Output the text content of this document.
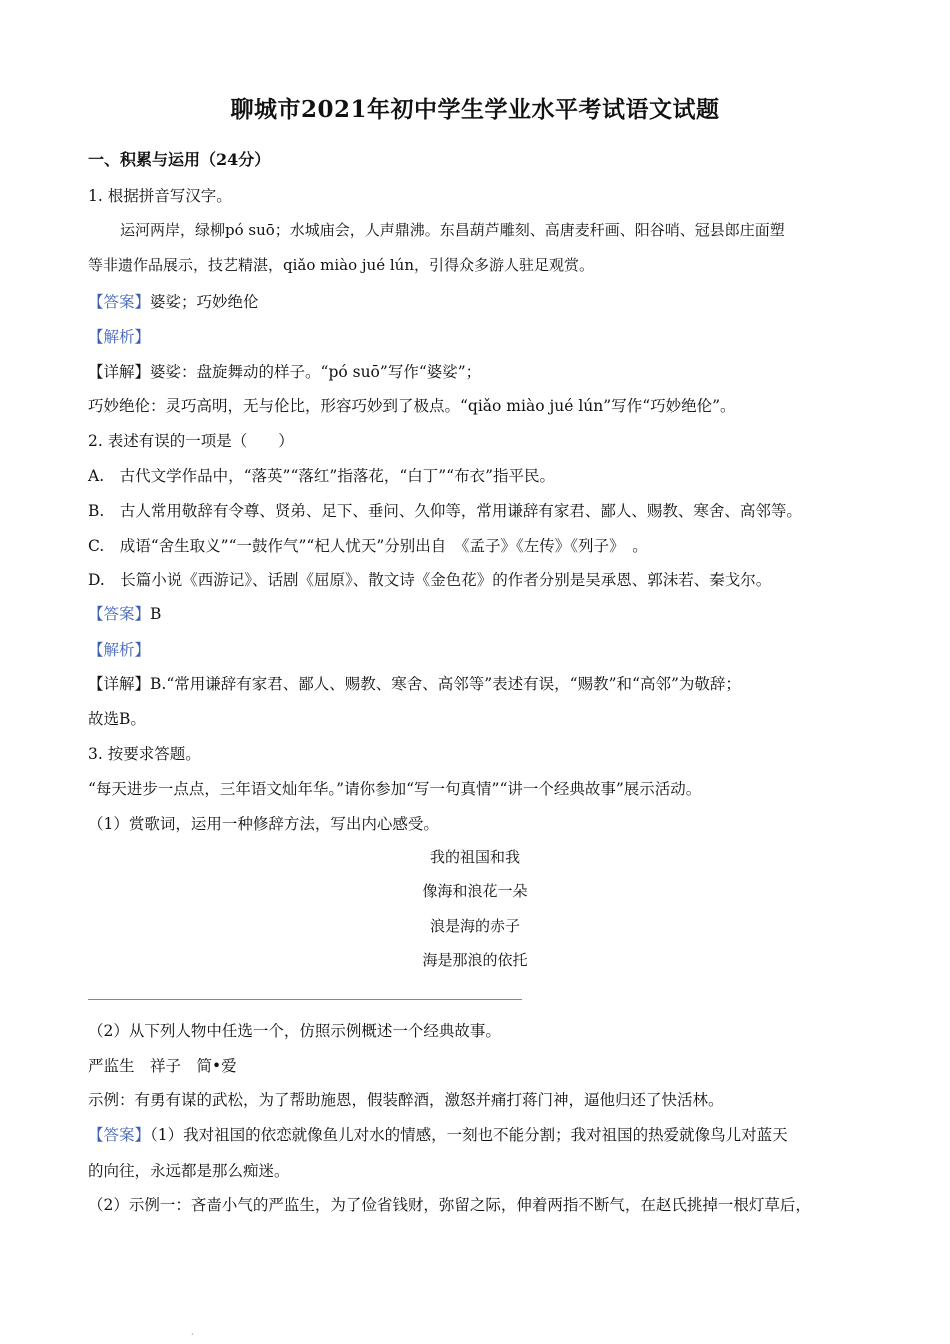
聊城市2021年初中学生学业水平考试语文试题
一、积累与运用（24分）
1. 根据拼音写汉字。
运河两岸，绿柳pó suō；水城庙会，人声鼎沸。东昌葫芦雕刻、高唐麦秆画、阳谷哨、冠县郎庄面塑
等非遗作品展示，技艺精湛，qiǎo miào jué lún，引得众多游人驻足观赏。
【答案】婆娑；巧妙绝伦
【解析】
【详解】婆娑：盘旋舞动的样子。“pó suō”写作“婆娑”；
巧妙绝伦：灵巧高明，无与伦比，形容巧妙到了极点。“qiǎo miào jué lún”写作“巧妙绝伦”。
2. 表述有误的一项是（　　）
A.　古代文学作品中，“落英”“落红”指落花，“白丁”“布衣”指平民。
B.　古人常用敬辞有令尊、贤弟、足下、垂问、久仰等，常用谦辞有家君、鄙人、赐教、寒舍、高邻等。
C.　成语“舍生取义”“一鼓作气”“杞人忧天”分别出自　《孟子》《左传》《列子》　。
D.　长篇小说《西游记》、话剧《屈原》、散文诗《金色花》的作者分别是吴承恩、郭沫若、秦戈尔。
【答案】B
【解析】
【详解】B.“常用谦辞有家君、鄙人、赐教、寒舍、高邻等”表述有误，“赐教”和“高邻”为敬辞；
故选B。
3. 按要求答题。
“每天进步一点点，三年语文灿年华。”请你参加“写一句真情”“讲一个经典故事”展示活动。
（1）赏歌词，运用一种修辞方法，写出内心感受。
我的祖国和我
像海和浪花一朵
浪是海的赤子
海是那浪的依托
（2）从下列人物中任选一个，仿照示例概述一个经典故事。
严监生　祥子　简•爱
示例：有勇有谋的武松，为了帮助施恩，假装醉酒，激怒并痛打蒋门神，逼他归还了快活林。
【答案】（1）我对祖国的依恋就像鱼儿对水的情感，一刻也不能分割；我对祖国的热爱就像鸟儿对蓝天
的向往，永远都是那么痴迷。
（2）示例一：吝啬小气的严监生，为了俭省钱财，弥留之际，伸着两指不断气，在赵氏挑掉一根灯草后，
·
